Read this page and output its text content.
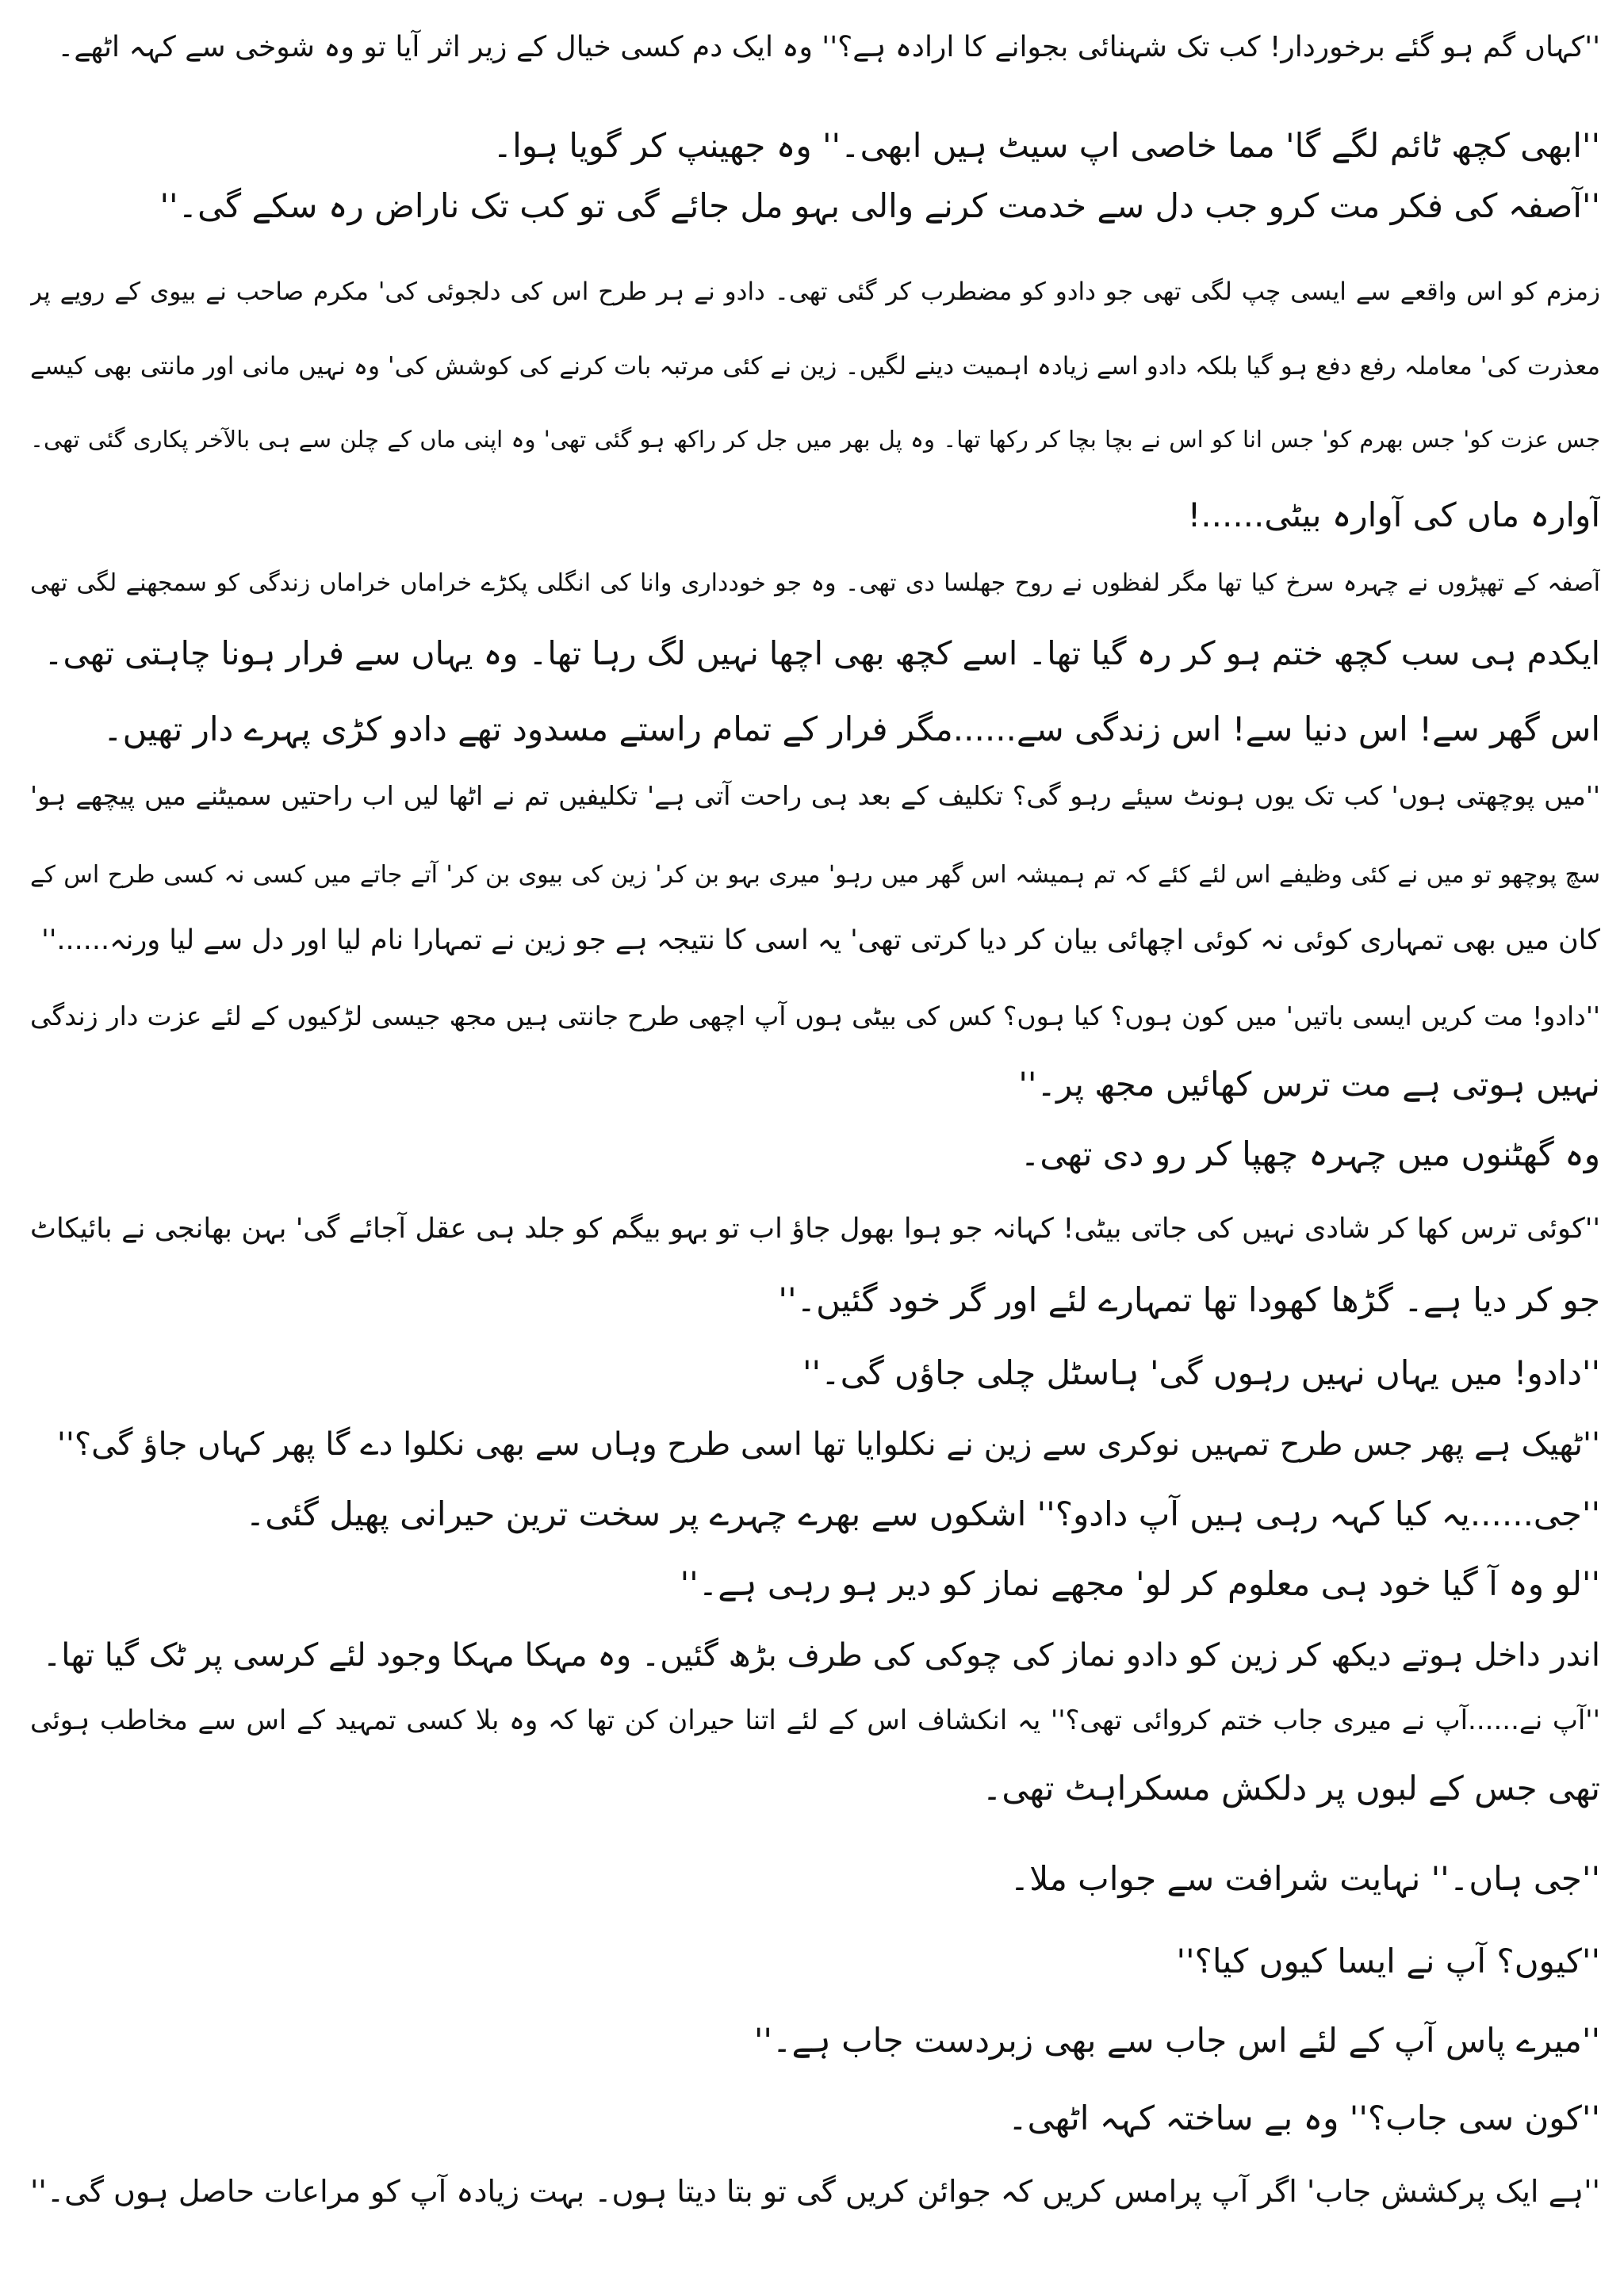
''کہاں گم ہو گئے برخوردار! کب تک شہنائی بجوانے کا ارادہ ہے؟'' وہ ایک دم کسی خیال کے زیر اثر آیا تو وہ شوخی سے کہہ اٹھے۔
''ابھی کچھ ٹائم لگے گا' مما خاصی اپ سیٹ ہیں ابھی۔'' وہ جھینپ کر گویا ہوا۔
''آصفہ کی فکر مت کرو جب دل سے خدمت کرنے والی بہو مل جائے گی تو کب تک ناراض رہ سکے گی۔''
زمزم کو اس واقعے سے ایسی چپ لگی تھی جو دادو کو مضطرب کر گئی تھی۔ دادو نے ہر طرح اس کی دلجوئی کی' مکرم صاحب نے بیوی کے رویے پر
معذرت کی' معاملہ رفع دفع ہو گیا بلکہ دادو اسے زیادہ اہمیت دینے لگیں۔ زین نے کئی مرتبہ بات کرنے کی کوشش کی' وہ نہیں مانی اور مانتی بھی کیسے
جس عزت کو' جس بھرم کو' جس انا کو اس نے بچا بچا کر رکھا تھا۔ وہ پل بھر میں جل کر راکھ ہو گئی تھی' وہ اپنی ماں کے چلن سے ہی بالآخر پکاری گئی تھی۔
آوارہ ماں کی آوارہ بیٹی......!
آصفہ کے تھپڑوں نے چہرہ سرخ کیا تھا مگر لفظوں نے روح جھلسا دی تھی۔ وہ جو خودداری وانا کی انگلی پکڑے خراماں خراماں زندگی کو سمجھنے لگی تھی
ایکدم ہی سب کچھ ختم ہو کر رہ گیا تھا۔ اسے کچھ بھی اچھا نہیں لگ رہا تھا۔ وہ یہاں سے فرار ہونا چاہتی تھی۔
اس گھر سے! اس دنیا سے! اس زندگی سے......مگر فرار کے تمام راستے مسدود تھے دادو کڑی پہرے دار تھیں۔
''میں پوچھتی ہوں' کب تک یوں ہونٹ سیئے رہو گی؟ تکلیف کے بعد ہی راحت آتی ہے' تکلیفیں تم نے اٹھا لیں اب راحتیں سمیٹنے میں پیچھے ہو'
سچ پوچھو تو میں نے کئی وظیفے اس لئے کئے کہ تم ہمیشہ اس گھر میں رہو' میری بہو بن کر' زین کی بیوی بن کر' آتے جاتے میں کسی نہ کسی طرح اس کے
کان میں بھی تمہاری کوئی نہ کوئی اچھائی بیان کر دیا کرتی تھی' یہ اسی کا نتیجہ ہے جو زین نے تمہارا نام لیا اور دل سے لیا ورنہ......''
''دادو! مت کریں ایسی باتیں' میں کون ہوں؟ کیا ہوں؟ کس کی بیٹی ہوں آپ اچھی طرح جانتی ہیں مجھ جیسی لڑکیوں کے لئے عزت دار زندگی
نہیں ہوتی ہے مت ترس کھائیں مجھ پر۔''
وہ گھٹنوں میں چہرہ چھپا کر رو دی تھی۔
''کوئی ترس کھا کر شادی نہیں کی جاتی بیٹی! کہانہ جو ہوا بھول جاؤ اب تو بہو بیگم کو جلد ہی عقل آجائے گی' بہن بھانجی نے بائیکاٹ
جو کر دیا ہے۔ گڑھا کھودا تھا تمہارے لئے اور گر خود گئیں۔''
''دادو! میں یہاں نہیں رہوں گی' ہاسٹل چلی جاؤں گی۔''
''ٹھیک ہے پھر جس طرح تمہیں نوکری سے زین نے نکلوایا تھا اسی طرح وہاں سے بھی نکلوا دے گا پھر کہاں جاؤ گی؟''
''جی......یہ کیا کہہ رہی ہیں آپ دادو؟'' اشکوں سے بھرے چہرے پر سخت ترین حیرانی پھیل گئی۔
''لو وہ آ گیا خود ہی معلوم کر لو' مجھے نماز کو دیر ہو رہی ہے۔''
اندر داخل ہوتے دیکھ کر زین کو دادو نماز کی چوکی کی طرف بڑھ گئیں۔ وہ مہکا مہکا وجود لئے کرسی پر ٹک گیا تھا۔
''آپ نے......آپ نے میری جاب ختم کروائی تھی؟'' یہ انکشاف اس کے لئے اتنا حیران کن تھا کہ وہ بلا کسی تمہید کے اس سے مخاطب ہوئی
تھی جس کے لبوں پر دلکش مسکراہٹ تھی۔
''جی ہاں۔'' نہایت شرافت سے جواب ملا۔
''کیوں؟ آپ نے ایسا کیوں کیا؟''
''میرے پاس آپ کے لئے اس جاب سے بھی زبردست جاب ہے۔''
''کون سی جاب؟'' وہ بے ساختہ کہہ اٹھی۔
''ہے ایک پرکشش جاب' اگر آپ پرامس کریں کہ جوائن کریں گی تو بتا دیتا ہوں۔ بہت زیادہ آپ کو مراعات حاصل ہوں گی۔''
